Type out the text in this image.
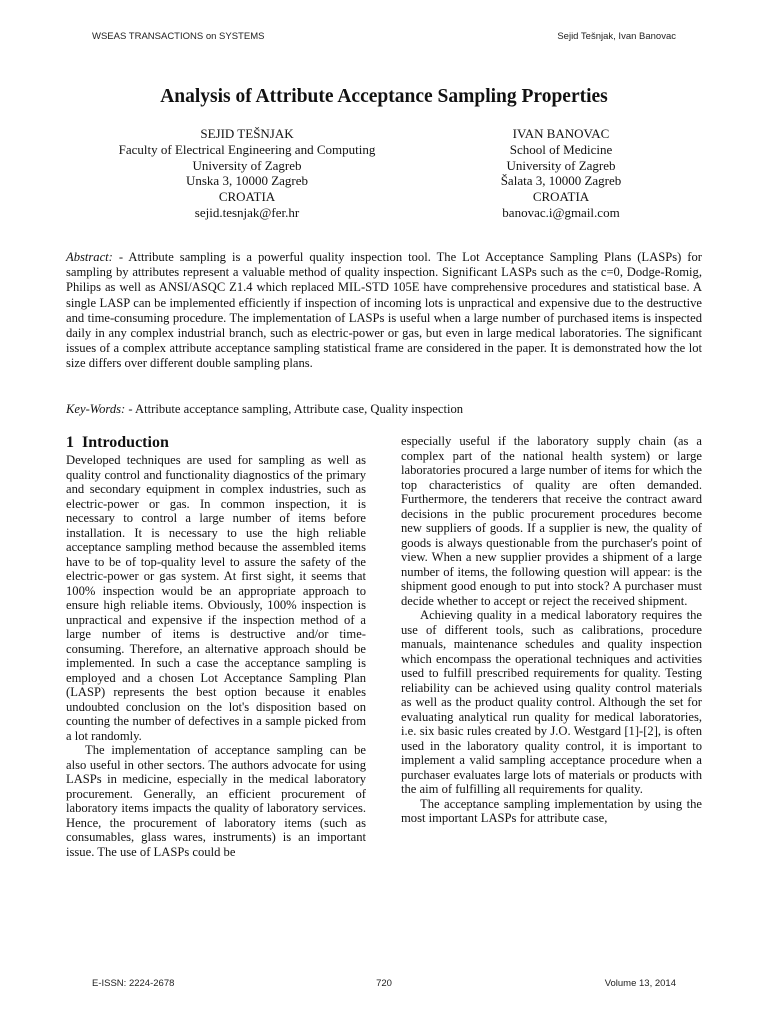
WSEAS TRANSACTIONS on SYSTEMS	Sejid Tešnjak, Ivan Banovac
Analysis of Attribute Acceptance Sampling Properties
SEJID TEŠNJAK
Faculty of Electrical Engineering and Computing
University of Zagreb
Unska 3, 10000 Zagreb
CROATIA
sejid.tesnjak@fer.hr
IVAN BANOVAC
School of Medicine
University of Zagreb
Šalata 3, 10000 Zagreb
CROATIA
banovac.i@gmail.com

Abstract: - Attribute sampling is a powerful quality inspection tool. The Lot Acceptance Sampling Plans (LASPs) for sampling by attributes represent a valuable method of quality inspection. Significant LASPs such as the c=0, Dodge-Romig, Philips as well as ANSI/ASQC Z1.4 which replaced MIL-STD 105E have comprehensive procedures and statistical base. A single LASP can be implemented efficiently if inspection of incoming lots is unpractical and expensive due to the destructive and time-consuming procedure. The implementation of LASPs is useful when a large number of purchased items is inspected daily in any complex industrial branch, such as electric-power or gas, but even in large medical laboratories. The significant issues of a complex attribute acceptance sampling statistical frame are considered in the paper. It is demonstrated how the lot size differs over different double sampling plans.

Key-Words: - Attribute acceptance sampling, Attribute case, Quality inspection

1 Introduction

Developed techniques are used for sampling as well as quality control and functionality diagnostics of the primary and secondary equipment in complex industries, such as electric-power or gas. In common inspection, it is necessary to control a large number of items before installation. It is necessary to use the high reliable acceptance sampling method because the assembled items have to be of top-quality level to assure the safety of the electric-power or gas system. At first sight, it seems that 100% inspection would be an appropriate approach to ensure high reliable items. Obviously, 100% inspection is unpractical and expensive if the inspection method of a large number of items is destructive and/or time-consuming. Therefore, an alternative approach should be implemented. In such a case the acceptance sampling is employed and a chosen Lot Acceptance Sampling Plan (LASP) represents the best option because it enables undoubted conclusion on the lot's disposition based on counting the number of defectives in a sample picked from a lot randomly.

The implementation of acceptance sampling can be also useful in other sectors. The authors advocate for using LASPs in medicine, especially in the medical laboratory procurement. Generally, an efficient procurement of laboratory items impacts the quality of laboratory services. Hence, the procurement of laboratory items (such as consumables, glass wares, instruments) is an important issue. The use of LASPs could be

especially useful if the laboratory supply chain (as a complex part of the national health system) or large laboratories procured a large number of items for which the top characteristics of quality are often demanded. Furthermore, the tenderers that receive the contract award decisions in the public procurement procedures become new suppliers of goods. If a supplier is new, the quality of goods is always questionable from the purchaser's point of view. When a new supplier provides a shipment of a large number of items, the following question will appear: is the shipment good enough to put into stock? A purchaser must decide whether to accept or reject the received shipment.

Achieving quality in a medical laboratory requires the use of different tools, such as calibrations, procedure manuals, maintenance schedules and quality inspection which encompass the operational techniques and activities used to fulfill prescribed requirements for quality. Testing reliability can be achieved using quality control materials as well as the product quality control. Although the set for evaluating analytical run quality for medical laboratories, i.e. six basic rules created by J.O. Westgard [1]-[2], is often used in the laboratory quality control, it is important to implement a valid sampling acceptance procedure when a purchaser evaluates large lots of materials or products with the aim of fulfilling all requirements for quality.

The acceptance sampling implementation by using the most important LASPs for attribute case,

E-ISSN: 2224-2678	720	Volume 13, 2014
